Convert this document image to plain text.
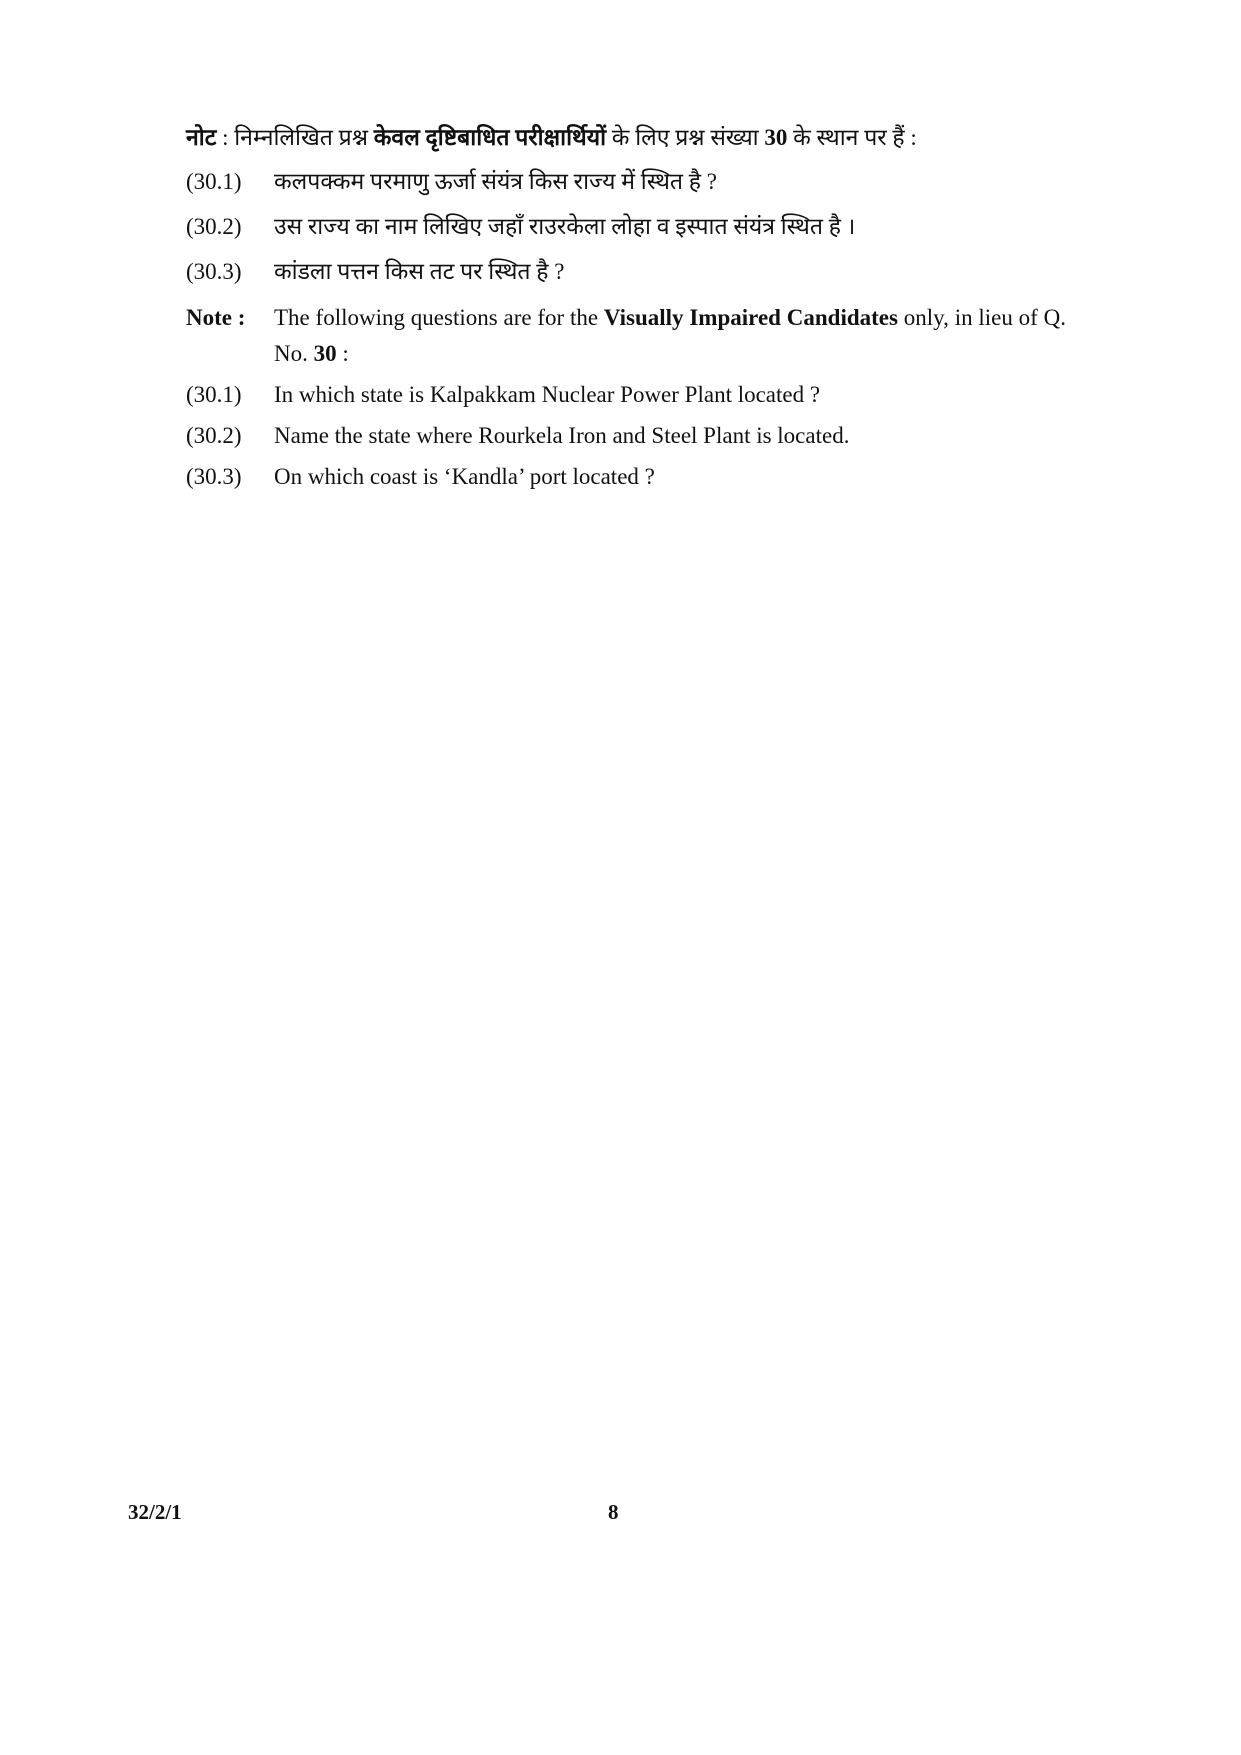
नोट : निम्नलिखित प्रश्न केवल दृष्टिबाधित परीक्षार्थियों के लिए प्रश्न संख्या 30 के स्थान पर हैं :
(30.1) कलपक्कम परमाणु ऊर्जा संयंत्र किस राज्य में स्थित है ?
(30.2) उस राज्य का नाम लिखिए जहाँ राउरकेला लोहा व इस्पात संयंत्र स्थित है ।
(30.3) कांडला पत्तन किस तट पर स्थित है ?
Note : The following questions are for the Visually Impaired Candidates only, in lieu of Q. No. 30 :
(30.1) In which state is Kalpakkam Nuclear Power Plant located ?
(30.2) Name the state where Rourkela Iron and Steel Plant is located.
(30.3) On which coast is ‘Kandla’ port located ?
32/2/1	8
